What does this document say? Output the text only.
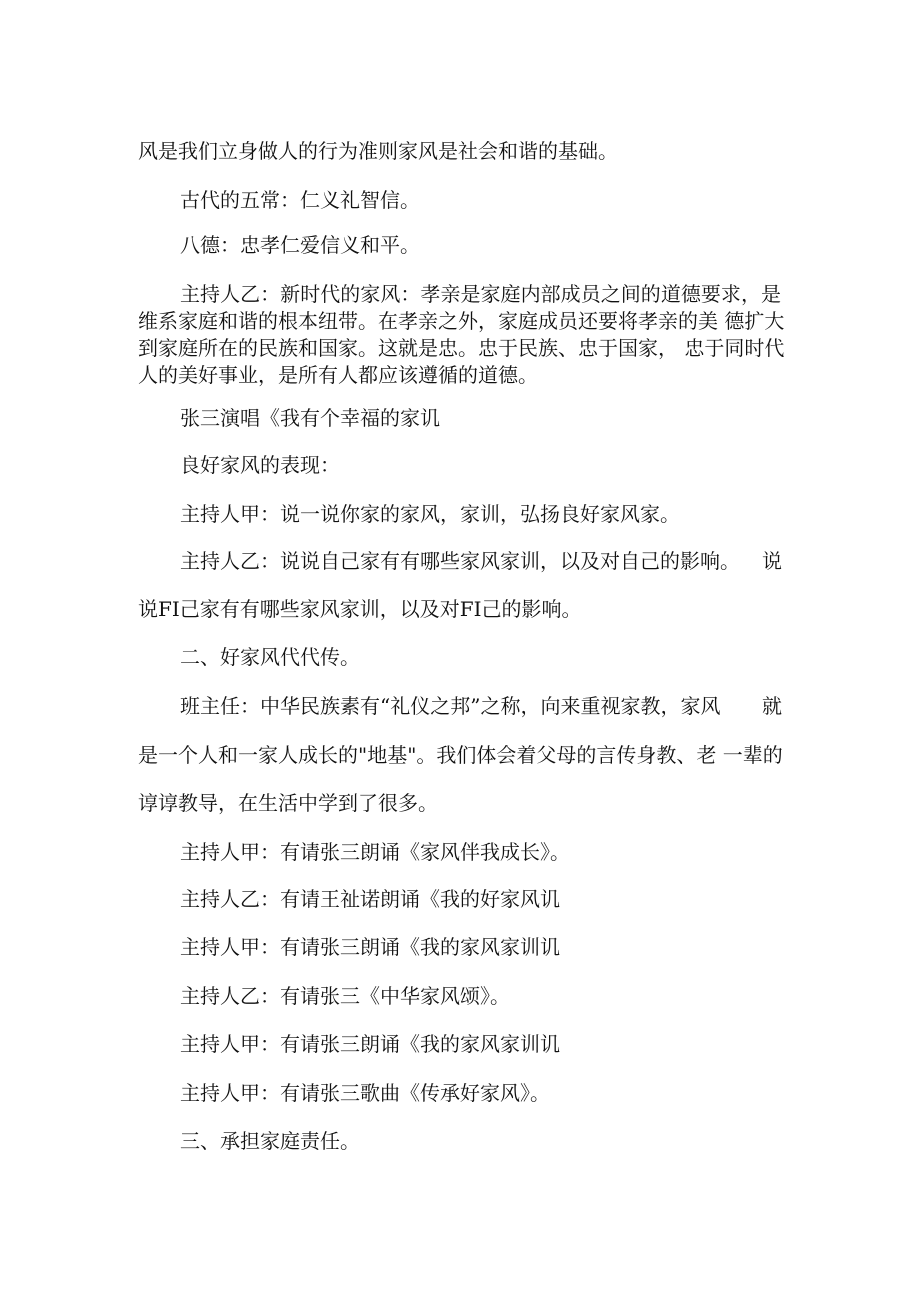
风是我们立身做人的行为准则家风是社会和谐的基础。
古代的五常：仁义礼智信。
八德：忠孝仁爱信义和平。
主持人乙：新时代的家风：孝亲是家庭内部成员之间的道德要求，是
维系家庭和谐的根本纽带。在孝亲之外，家庭成员还要将孝亲的美 德扩大
到家庭所在的民族和国家。这就是忠。忠于民族、忠于国家， 忠于同时代
人的美好事业，是所有人都应该遵循的道德。
张三演唱《我有个幸福的家讥
良好家风的表现：
主持人甲：说一说你家的家风，家训，弘扬良好家风家。
主持人乙：说说自己家有有哪些家风家训，以及对自己的影响。 说
说FI己家有有哪些家风家训，以及对FI己的影响。
二、好家风代代传。
班主任：中华民族素有“礼仪之邦”之称，向来重视家教，家风 就
是一个人和一家人成长的"地基"。我们体会着父母的言传身教、老 一辈的
谆谆教导，在生活中学到了很多。
主持人甲：有请张三朗诵《家风伴我成长》。
主持人乙：有请王祉诺朗诵《我的好家风讥
主持人甲：有请张三朗诵《我的家风家训讥
主持人乙：有请张三《中华家风颂》。
主持人甲：有请张三朗诵《我的家风家训讥
主持人甲：有请张三歌曲《传承好家风》。
三、承担家庭责任。
